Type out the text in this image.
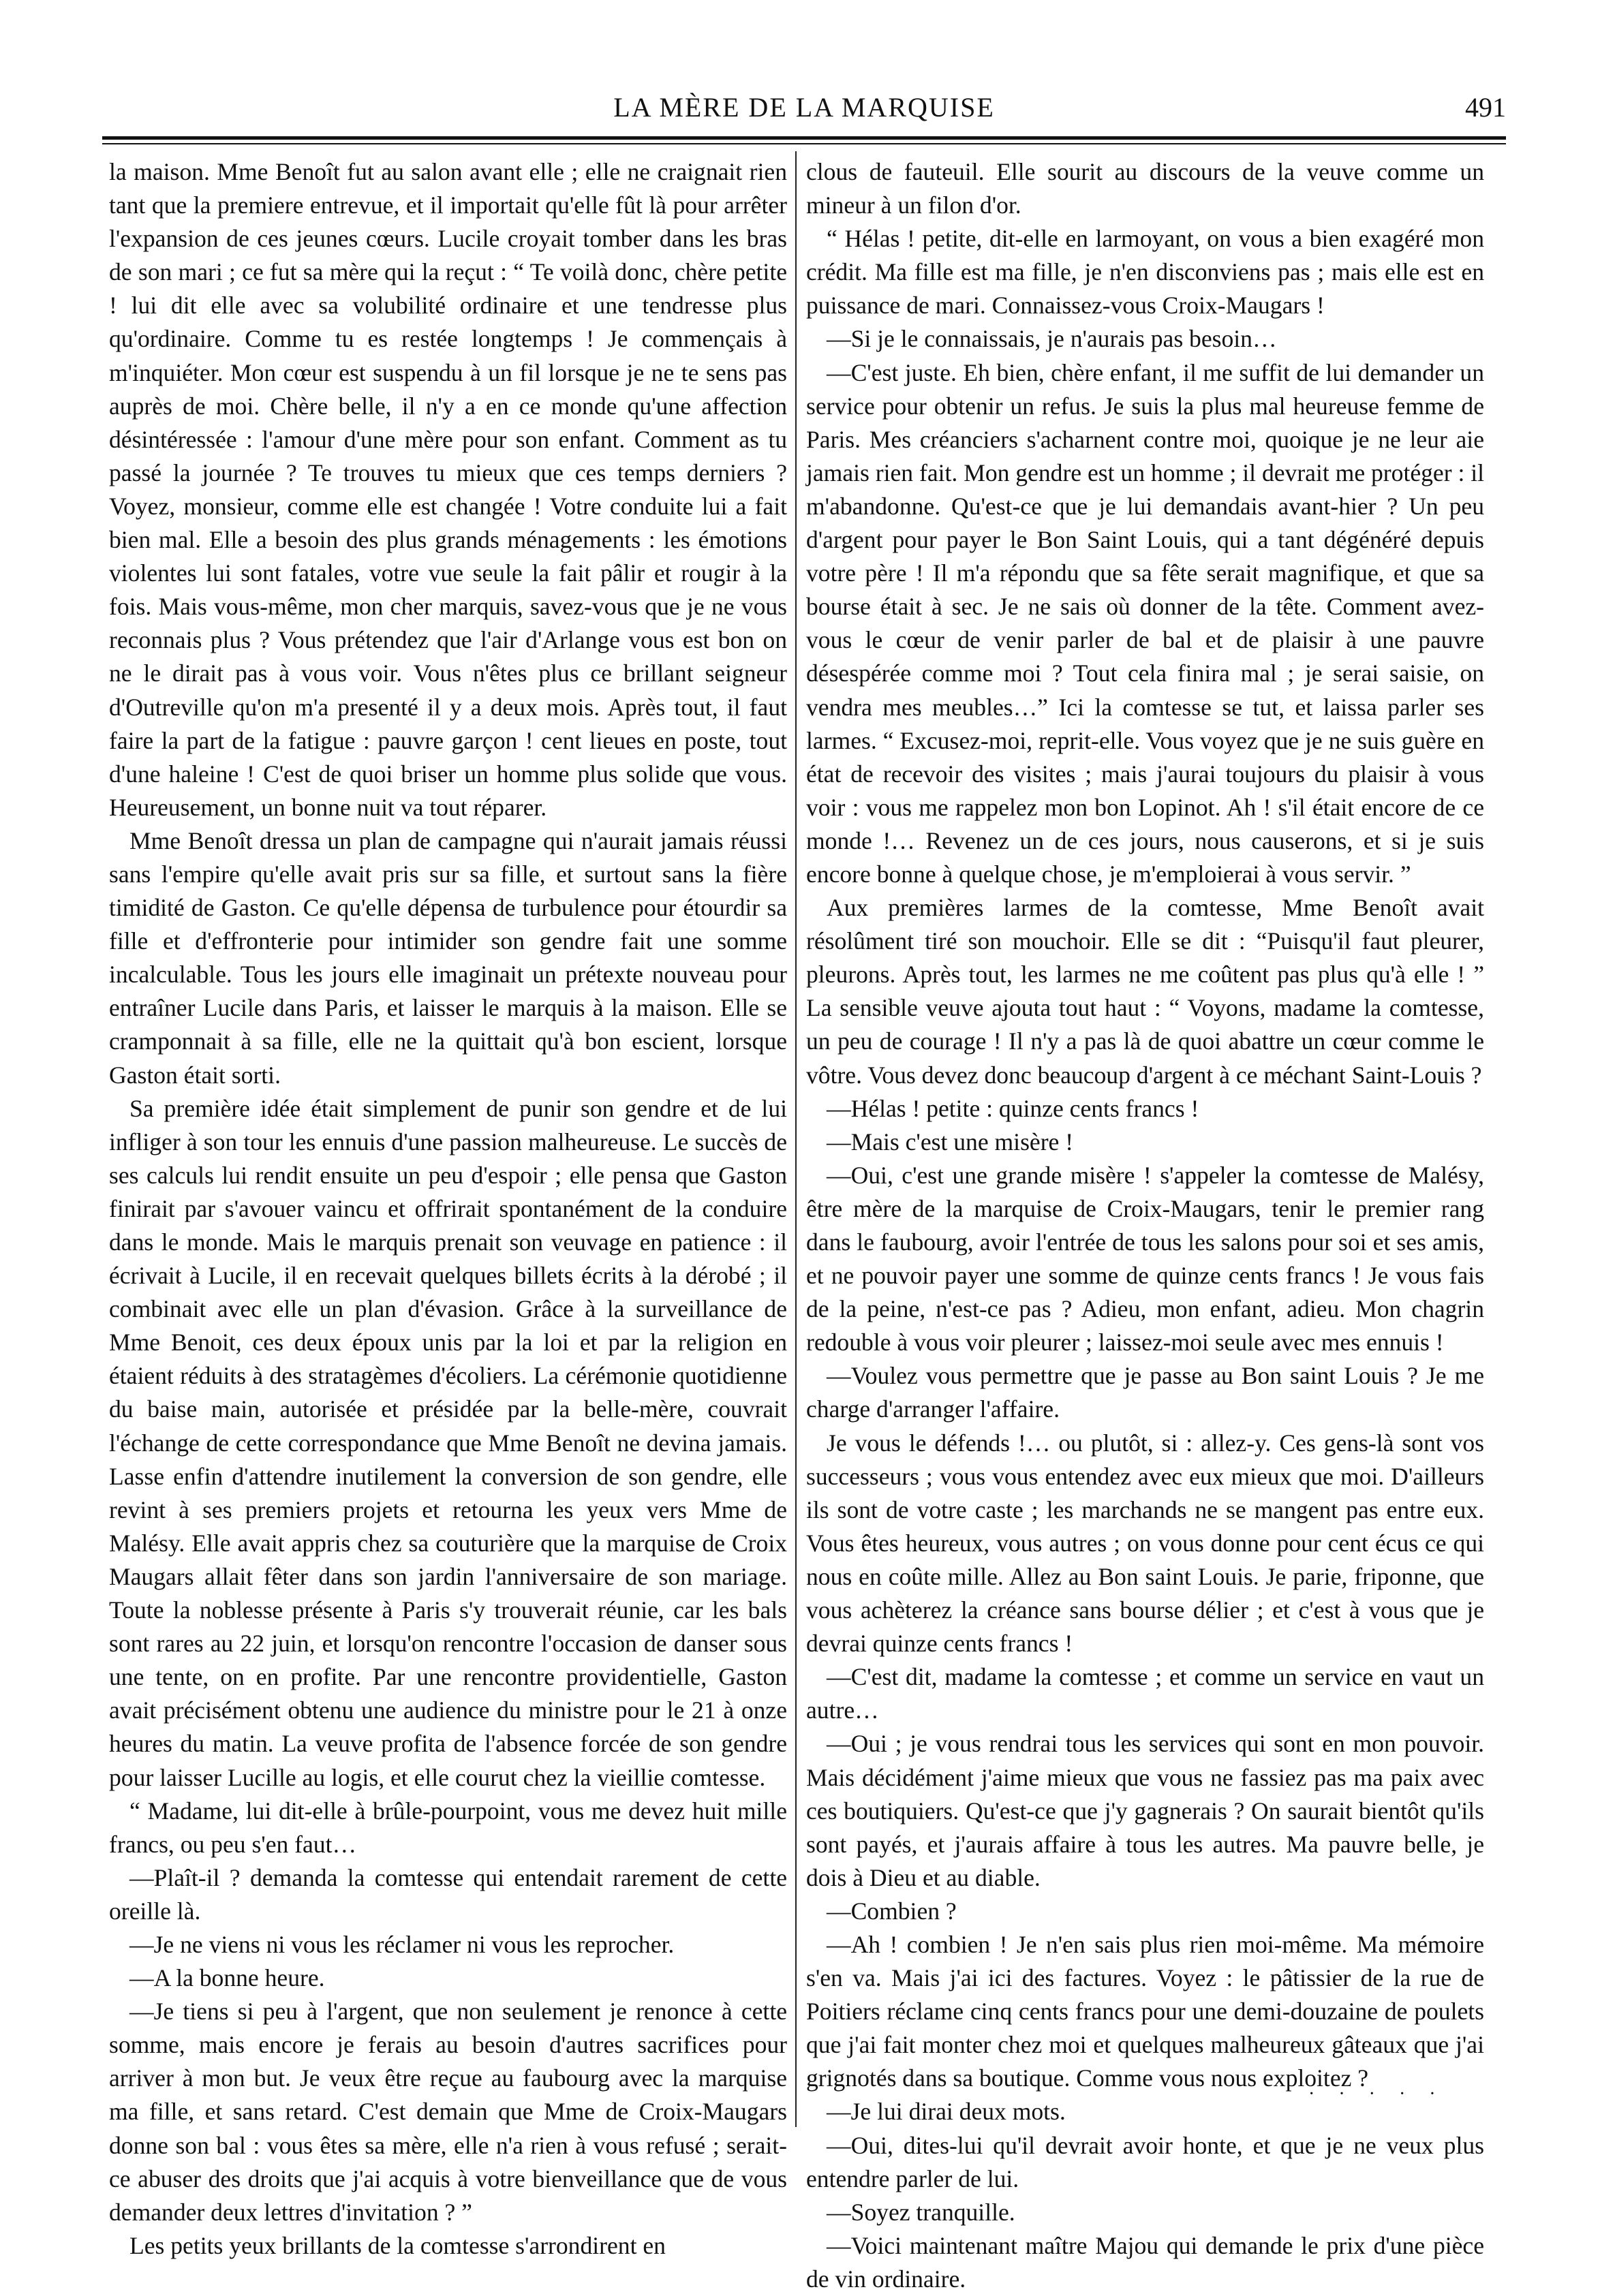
LA MÈRE DE LA MARQUISE	491

la maison. Mme Benoît fut au salon avant elle ; elle ne craignait rien tant que la premiere entrevue, et il importait qu'elle fût là pour arrêter l'expansion de ces jeunes cœurs. Lucile croyait tomber dans les bras de son mari ; ce fut sa mère qui la reçut : “ Te voilà donc, chère petite ! lui dit elle avec sa volubilité ordinaire et une tendresse plus qu'ordinaire. Comme tu es restée longtemps ! Je commençais à m'inquiéter. Mon cœur est suspendu à un fil lorsque je ne te sens pas auprès de moi. Chère belle, il n'y a en ce monde qu'une affection désintéressée : l'amour d'une mère pour son enfant. Comment as tu passé la journée ? Te trouves tu mieux que ces temps derniers ? Voyez, monsieur, comme elle est changée ! Votre conduite lui a fait bien mal. Elle a besoin des plus grands ménagements : les émotions violentes lui sont fatales, votre vue seule la fait pâlir et rougir à la fois. Mais vous-même, mon cher marquis, savez-vous que je ne vous reconnais plus ? Vous prétendez que l'air d'Arlange vous est bon on ne le dirait pas à vous voir. Vous n'êtes plus ce brillant seigneur d'Outreville qu'on m'a presenté il y a deux mois. Après tout, il faut faire la part de la fatigue : pauvre garçon ! cent lieues en poste, tout d'une haleine ! C'est de quoi briser un homme plus solide que vous. Heureusement, un bonne nuit va tout réparer.

Mme Benoît dressa un plan de campagne qui n'aurait jamais réussi sans l'empire qu'elle avait pris sur sa fille, et surtout sans la fière timidité de Gaston. Ce qu'elle dépensa de turbulence pour étourdir sa fille et d'effronterie pour intimider son gendre fait une somme incalculable. Tous les jours elle imaginait un prétexte nouveau pour entraîner Lucile dans Paris, et laisser le marquis à la maison. Elle se cramponnait à sa fille, elle ne la quittait qu'à bon escient, lorsque Gaston était sorti.

Sa première idée était simplement de punir son gendre et de lui infliger à son tour les ennuis d'une passion malheureuse. Le succès de ses calculs lui rendit ensuite un peu d'espoir ; elle pensa que Gaston finirait par s'avouer vaincu et offrirait spontanément de la conduire dans le monde. Mais le marquis prenait son veuvage en patience : il écrivait à Lucile, il en recevait quelques billets écrits à la dérobé ; il combinait avec elle un plan d'évasion. Grâce à la surveillance de Mme Benoit, ces deux époux unis par la loi et par la religion en étaient réduits à des stratagèmes d'écoliers. La cérémonie quotidienne du baise main, autorisée et présidée par la belle-mère, couvrait l'échange de cette correspondance que Mme Benoît ne devina jamais. Lasse enfin d'attendre inutilement la conversion de son gendre, elle revint à ses premiers projets et retourna les yeux vers Mme de Malésy. Elle avait appris chez sa couturière que la marquise de Croix Maugars allait fêter dans son jardin l'anniversaire de son mariage. Toute la noblesse présente à Paris s'y trouverait réunie, car les bals sont rares au 22 juin, et lorsqu'on rencontre l'occasion de danser sous une tente, on en profite. Par une rencontre providentielle, Gaston avait précisément obtenu une audience du ministre pour le 21 à onze heures du matin. La veuve profita de l'absence forcée de son gendre pour laisser Lucille au logis, et elle courut chez la vieillie comtesse.

“ Madame, lui dit-elle à brûle-pourpoint, vous me devez huit mille francs, ou peu s'en faut…

—Plaît-il ? demanda la comtesse qui entendait rarement de cette oreille là.

—Je ne viens ni vous les réclamer ni vous les reprocher.

—A la bonne heure.

—Je tiens si peu à l'argent, que non seulement je renonce à cette somme, mais encore je ferais au besoin d'autres sacrifices pour arriver à mon but. Je veux être reçue au faubourg avec la marquise ma fille, et sans retard. C'est demain que Mme de Croix-Maugars donne son bal : vous êtes sa mère, elle n'a rien à vous refusé ; serait-ce abuser des droits que j'ai acquis à votre bienveillance que de vous demander deux lettres d'invitation ? ”

Les petits yeux brillants de la comtesse s'arrondirent en

clous de fauteuil. Elle sourit au discours de la veuve comme un mineur à un filon d'or.

“ Hélas ! petite, dit-elle en larmoyant, on vous a bien exagéré mon crédit. Ma fille est ma fille, je n'en disconviens pas ; mais elle est en puissance de mari. Connaissez-vous Croix-Maugars !

—Si je le connaissais, je n'aurais pas besoin…

—C'est juste. Eh bien, chère enfant, il me suffit de lui demander un service pour obtenir un refus. Je suis la plus mal heureuse femme de Paris. Mes créanciers s'acharnent contre moi, quoique je ne leur aie jamais rien fait. Mon gendre est un homme ; il devrait me protéger : il m'abandonne. Qu'est-ce que je lui demandais avant-hier ? Un peu d'argent pour payer le Bon Saint Louis, qui a tant dégénéré depuis votre père ! Il m'a répondu que sa fête serait magnifique, et que sa bourse était à sec. Je ne sais où donner de la tête. Comment avez-vous le cœur de venir parler de bal et de plaisir à une pauvre désespérée comme moi ? Tout cela finira mal ; je serai saisie, on vendra mes meubles…” Ici la comtesse se tut, et laissa parler ses larmes. “ Excusez-moi, reprit-elle. Vous voyez que je ne suis guère en état de recevoir des visites ; mais j'aurai toujours du plaisir à vous voir : vous me rappelez mon bon Lopinot. Ah ! s'il était encore de ce monde !… Revenez un de ces jours, nous causerons, et si je suis encore bonne à quelque chose, je m'emploierai à vous servir. ”

Aux premières larmes de la comtesse, Mme Benoît avait résolûment tiré son mouchoir. Elle se dit : “Puisqu'il faut pleurer, pleurons. Après tout, les larmes ne me coûtent pas plus qu'à elle ! ” La sensible veuve ajouta tout haut : “ Voyons, madame la comtesse, un peu de courage ! Il n'y a pas là de quoi abattre un cœur comme le vôtre. Vous devez donc beaucoup d'argent à ce méchant Saint-Louis ?

—Hélas ! petite : quinze cents francs !

—Mais c'est une misère !

—Oui, c'est une grande misère ! s'appeler la comtesse de Malésy, être mère de la marquise de Croix-Maugars, tenir le premier rang dans le faubourg, avoir l'entrée de tous les salons pour soi et ses amis, et ne pouvoir payer une somme de quinze cents francs ! Je vous fais de la peine, n'est-ce pas ? Adieu, mon enfant, adieu. Mon chagrin redouble à vous voir pleurer ; laissez-moi seule avec mes ennuis !

—Voulez vous permettre que je passe au Bon saint Louis ? Je me charge d'arranger l'affaire.

Je vous le défends !… ou plutôt, si : allez-y. Ces gens-là sont vos successeurs ; vous vous entendez avec eux mieux que moi. D'ailleurs ils sont de votre caste ; les marchands ne se mangent pas entre eux. Vous êtes heureux, vous autres ; on vous donne pour cent écus ce qui nous en coûte mille. Allez au Bon saint Louis. Je parie, friponne, que vous achèterez la créance sans bourse délier ; et c'est à vous que je devrai quinze cents francs !

—C'est dit, madame la comtesse ; et comme un service en vaut un autre…

—Oui ; je vous rendrai tous les services qui sont en mon pouvoir. Mais décidément j'aime mieux que vous ne fassiez pas ma paix avec ces boutiquiers. Qu'est-ce que j'y gagnerais ? On saurait bientôt qu'ils sont payés, et j'aurais affaire à tous les autres. Ma pauvre belle, je dois à Dieu et au diable.

—Combien ?

—Ah ! combien ! Je n'en sais plus rien moi-même. Ma mémoire s'en va. Mais j'ai ici des factures. Voyez : le pâtissier de la rue de Poitiers réclame cinq cents francs pour une demi-douzaine de poulets que j'ai fait monter chez moi et quelques malheureux gâteaux que j'ai grignotés dans sa boutique. Comme vous nous exploitez ?

—Je lui dirai deux mots.

—Oui, dites-lui qu'il devrait avoir honte, et que je ne veux plus entendre parler de lui.

—Soyez tranquille.

—Voici maintenant maître Majou qui demande le prix d'une pièce de vin ordinaire.

· · · · ·
